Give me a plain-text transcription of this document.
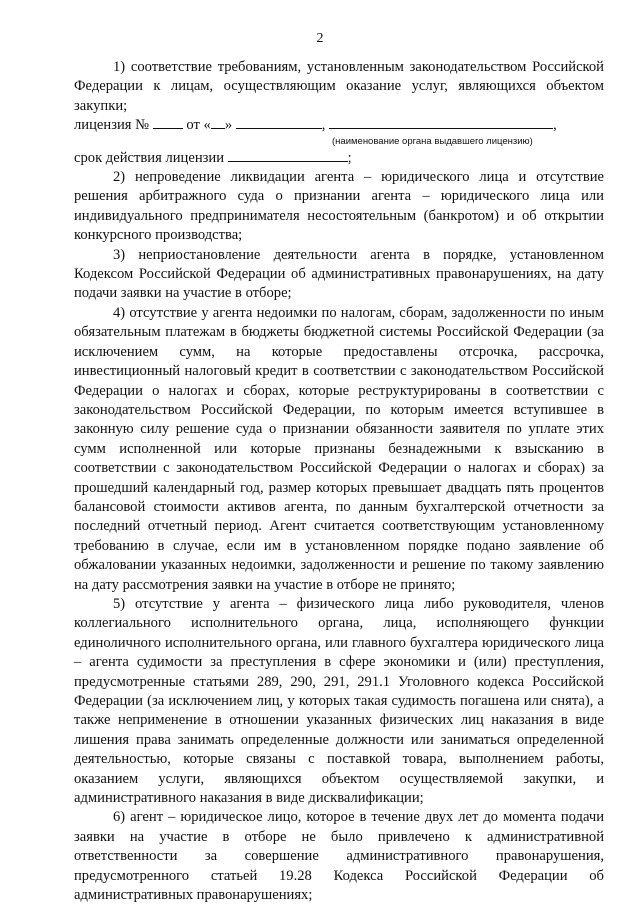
2

1) соответствие требованиям, установленным законодательством Российской Федерации к лицам, осуществляющим оказание услуг, являющихся объектом закупки;

лицензия №	от « »	,	,

(наименование органа выдавшего лицензию)

срок действия лицензии	;

2) непроведение ликвидации агента – юридического лица и отсутствие решения арбитражного суда о признании агента – юридического лица или индивидуального предпринимателя несостоятельным (банкротом) и об открытии конкурсного производства;

3) неприостановление деятельности агента в порядке, установленном Кодексом Российской Федерации об административных правонарушениях, на дату подачи заявки на участие в отборе;

4) отсутствие у агента недоимки по налогам, сборам, задолженности по иным обязательным платежам в бюджеты бюджетной системы Российской Федерации (за исключением сумм, на которые предоставлены отсрочка, рассрочка, инвестиционный налоговый кредит в соответствии с законодательством Российской Федерации о налогах и сборах, которые реструктурированы в соответствии с законодательством Российской Федерации, по которым имеется вступившее в законную силу решение суда о признании обязанности заявителя по уплате этих сумм исполненной или которые признаны безнадежными к взысканию в соответствии с законодательством Российской Федерации о налогах и сборах) за прошедший календарный год, размер которых превышает двадцать пять процентов балансовой стоимости активов агента, по данным бухгалтерской отчетности за последний отчетный период. Агент считается соответствующим установленному требованию в случае, если им в установленном порядке подано заявление об обжаловании указанных недоимки, задолженности и решение по такому заявлению на дату рассмотрения заявки на участие в отборе не принято;

5) отсутствие у агента – физического лица либо руководителя, членов коллегиального исполнительного органа, лица, исполняющего функции единоличного исполнительного органа, или главного бухгалтера юридического лица – агента судимости за преступления в сфере экономики и (или) преступления, предусмотренные статьями 289, 290, 291, 291.1 Уголовного кодекса Российской Федерации (за исключением лиц, у которых такая судимость погашена или снята), а также неприменение в отношении указанных физических лиц наказания в виде лишения права занимать определенные должности или заниматься определенной деятельностью, которые связаны с поставкой товара, выполнением работы, оказанием услуги, являющихся объектом осуществляемой закупки, и административного наказания в виде дисквалификации;

6) агент – юридическое лицо, которое в течение двух лет до момента подачи заявки на участие в отборе не было привлечено к административной ответственности за совершение административного правонарушения, предусмотренного статьей 19.28 Кодекса Российской Федерации об административных правонарушениях;
